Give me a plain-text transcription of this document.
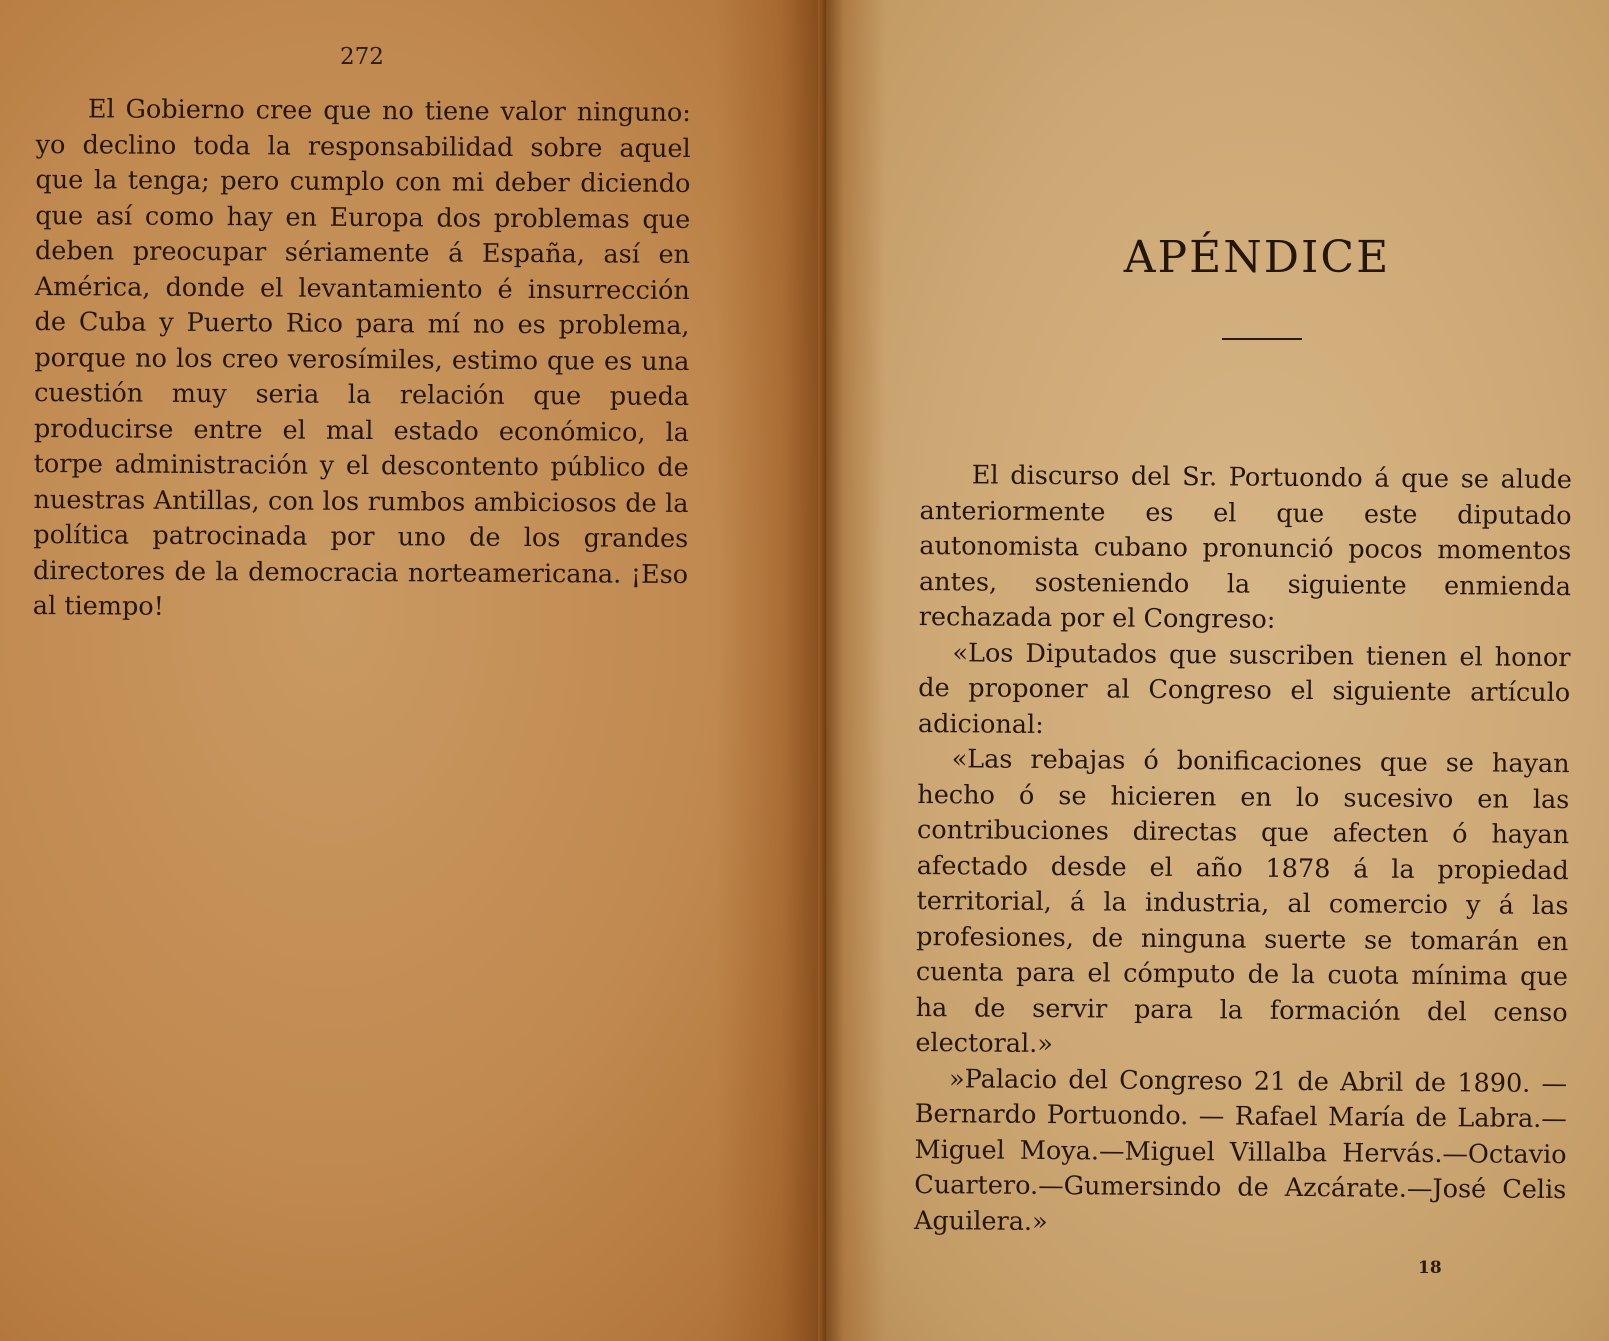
272

El Gobierno cree que no tiene valor ninguno: yo declino toda la responsabilidad sobre aquel que la tenga; pero cumplo con mi deber diciendo que así como hay en Europa dos problemas que deben preocupar sériamente á España, así en América, donde el levantamiento é insurrección de Cuba y Puerto Rico para mí no es problema, porque no los creo verosímiles, estimo que es una cuestión muy seria la relación que pueda producirse entre el mal estado económico, la torpe administración y el descontento público de nuestras Antillas, con los rumbos ambiciosos de la política patrocinada por uno de los grandes directores de la democracia norteamericana. ¡Eso al tiempo!

APÉNDICE

El discurso del Sr. Portuondo á que se alude anteriormente es el que este diputado autonomista cubano pronunció pocos momentos antes, sosteniendo la siguiente enmienda rechazada por el Congreso:

«Los Diputados que suscriben tienen el honor de proponer al Congreso el siguiente artículo adicional:

«Las rebajas ó bonificaciones que se hayan hecho ó se hicieren en lo sucesivo en las contribuciones directas que afecten ó hayan afectado desde el año 1878 á la propiedad territorial, á la industria, al comercio y á las profesiones, de ninguna suerte se tomarán en cuenta para el cómputo de la cuota mínima que ha de servir para la formación del censo electoral.»

»Palacio del Congreso 21 de Abril de 1890. — Bernardo Portuondo. — Rafael María de Labra.—Miguel Moya.—Miguel Villalba Hervás.—Octavio Cuartero.—Gumersindo de Azcárate.—José Celis Aguilera.»

18
